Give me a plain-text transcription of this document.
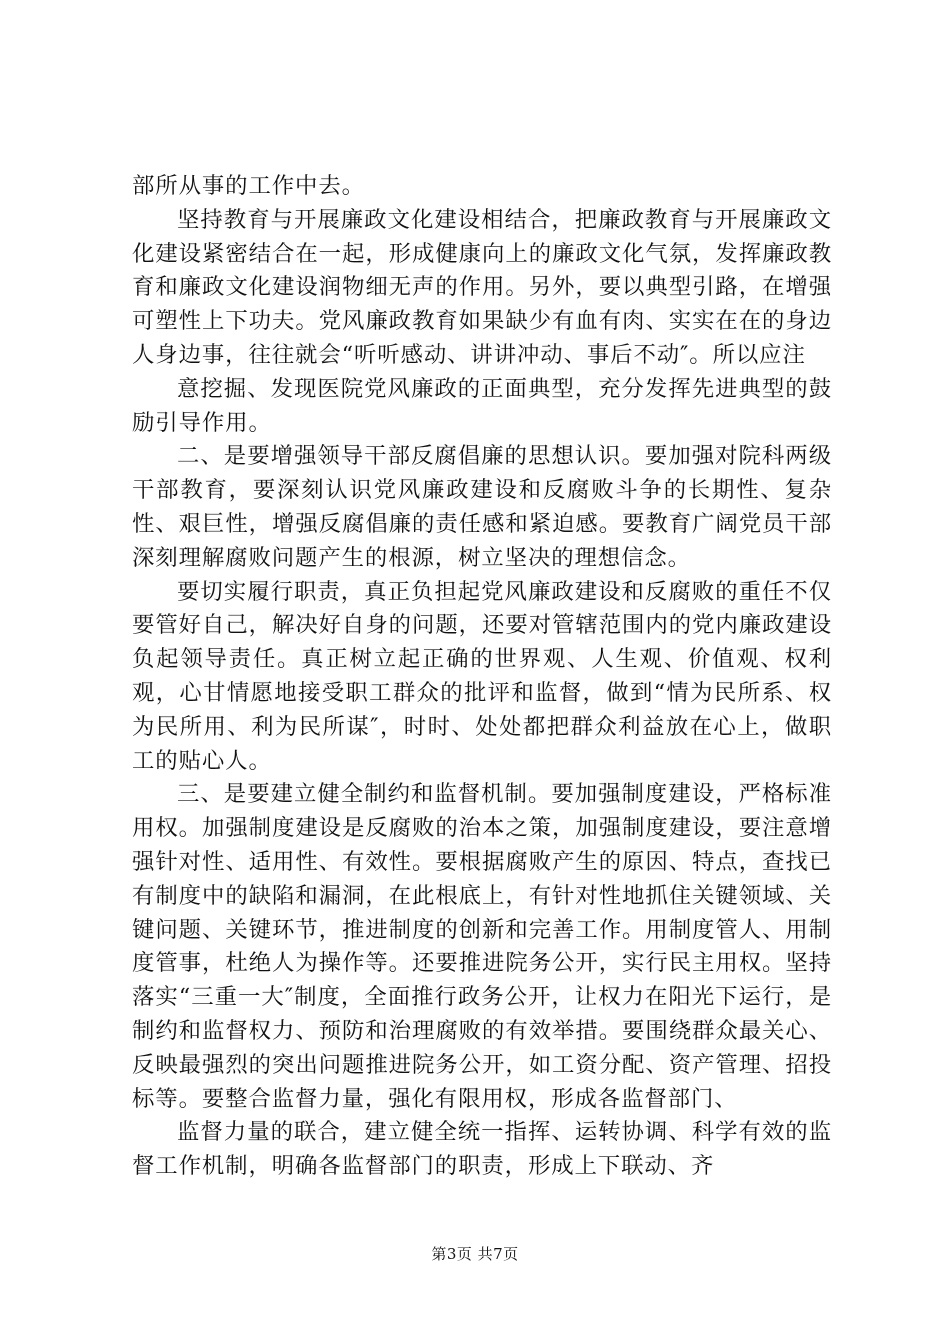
部所从事的工作中去。

坚持教育与开展廉政文化建设相结合，把廉政教育与开展廉政文化建设紧密结合在一起，形成健康向上的廉政文化气氛，发挥廉政教育和廉政文化建设润物细无声的作用。另外，要以典型引路，在增强可塑性上下功夫。党风廉政教育如果缺少有血有肉、实实在在的身边人身边事，往往就会“听听感动、讲讲冲动、事后不动″。所以应注

意挖掘、发现医院党风廉政的正面典型，充分发挥先进典型的鼓励引导作用。

二、是要增强领导干部反腐倡廉的思想认识。要加强对院科两级干部教育，要深刻认识党风廉政建设和反腐败斗争的长期性、复杂性、艰巨性，增强反腐倡廉的责任感和紧迫感。要教育广阔党员干部深刻理解腐败问题产生的根源，树立坚决的理想信念。

要切实履行职责，真正负担起党风廉政建设和反腐败的重任不仅要管好自己，解决好自身的问题，还要对管辖范围内的党内廉政建设负起领导责任。真正树立起正确的世界观、人生观、价值观、权利观，心甘情愿地接受职工群众的批评和监督，做到“情为民所系、权为民所用、利为民所谋″，时时、处处都把群众利益放在心上，做职工的贴心人。

三、是要建立健全制约和监督机制。要加强制度建设，严格标准用权。加强制度建设是反腐败的治本之策，加强制度建设，要注意增强针对性、适用性、有效性。要根据腐败产生的原因、特点，查找已有制度中的缺陷和漏洞，在此根底上，有针对性地抓住关键领域、关键问题、关键环节，推进制度的创新和完善工作。用制度管人、用制度管事，杜绝人为操作等。还要推进院务公开，实行民主用权。坚持落实“三重一大″制度，全面推行政务公开，让权力在阳光下运行，是制约和监督权力、预防和治理腐败的有效举措。要围绕群众最关心、反映最强烈的突出问题推进院务公开，如工资分配、资产管理、招投标等。要整合监督力量，强化有限用权，形成各监督部门、

监督力量的联合，建立健全统一指挥、运转协调、科学有效的监督工作机制，明确各监督部门的职责，形成上下联动、齐

第3页 共7页
